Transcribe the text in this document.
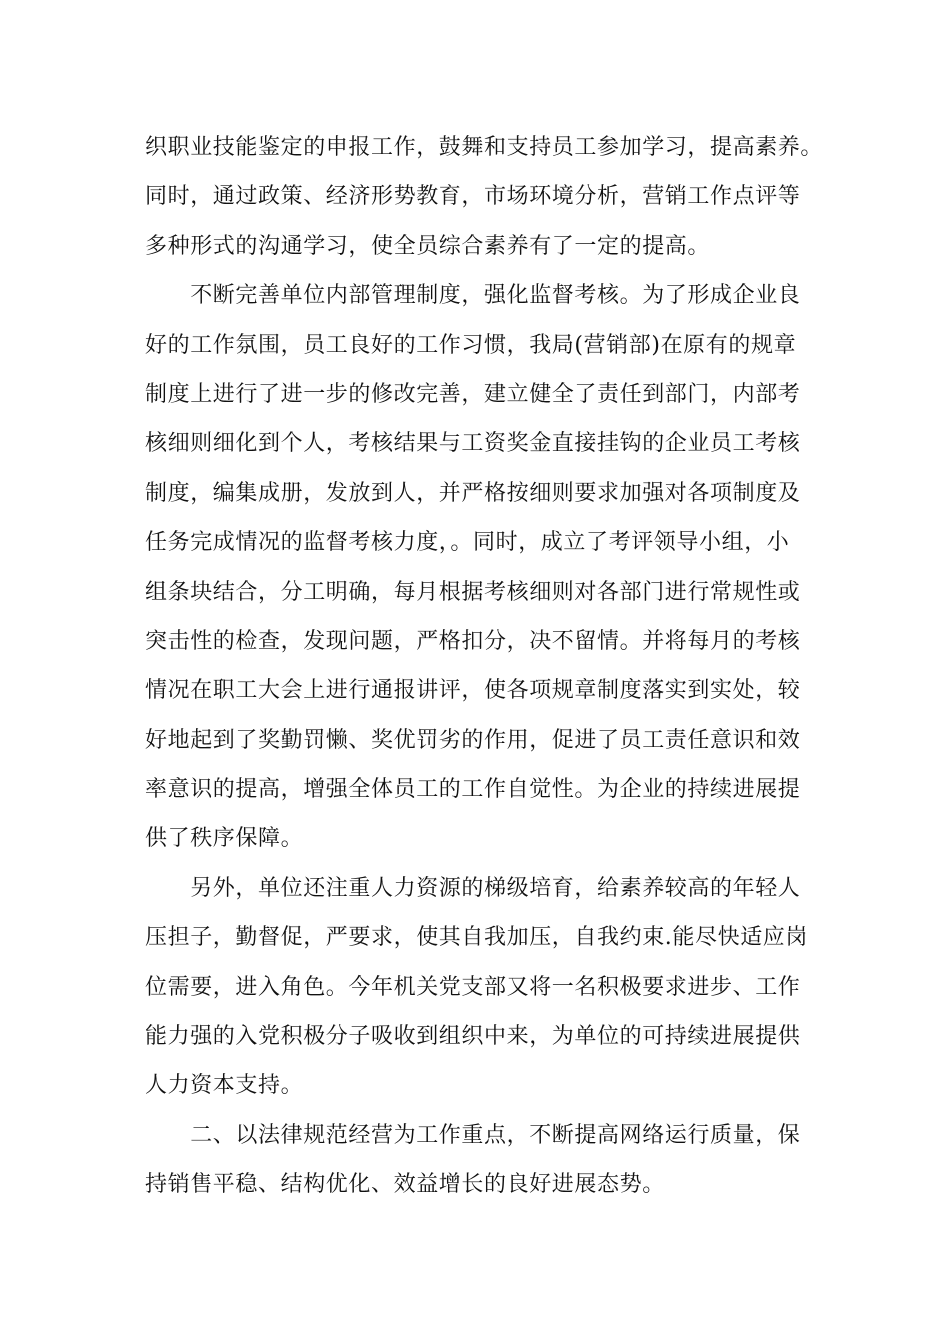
织职业技能鉴定的申报工作，鼓舞和支持员工参加学习，提高素养。
同时，通过政策、经济形势教育，市场环境分析，营销工作点评等
多种形式的沟通学习，使全员综合素养有了一定的提高。
　　不断完善单位内部管理制度，强化监督考核。为了形成企业良
好的工作氛围，员工良好的工作习惯，我局(营销部)在原有的规章
制度上进行了进一步的修改完善，建立健全了责任到部门，内部考
核细则细化到个人，考核结果与工资奖金直接挂钩的企业员工考核
制度，编集成册，发放到人，并严格按细则要求加强对各项制度及
任务完成情况的监督考核力度，。同时，成立了考评领导小组，小
组条块结合，分工明确，每月根据考核细则对各部门进行常规性或
突击性的检查，发现问题，严格扣分，决不留情。并将每月的考核
情况在职工大会上进行通报讲评，使各项规章制度落实到实处，较
好地起到了奖勤罚懒、奖优罚劣的作用，促进了员工责任意识和效
率意识的提高，增强全体员工的工作自觉性。为企业的持续进展提
供了秩序保障。
　　另外，单位还注重人力资源的梯级培育，给素养较高的年轻人
压担子，勤督促，严要求，使其自我加压，自我约束.能尽快适应岗
位需要，进入角色。今年机关党支部又将一名积极要求进步、工作
能力强的入党积极分子吸收到组织中来，为单位的可持续进展提供
人力资本支持。
　　二、以法律规范经营为工作重点，不断提高网络运行质量，保
持销售平稳、结构优化、效益增长的良好进展态势。
